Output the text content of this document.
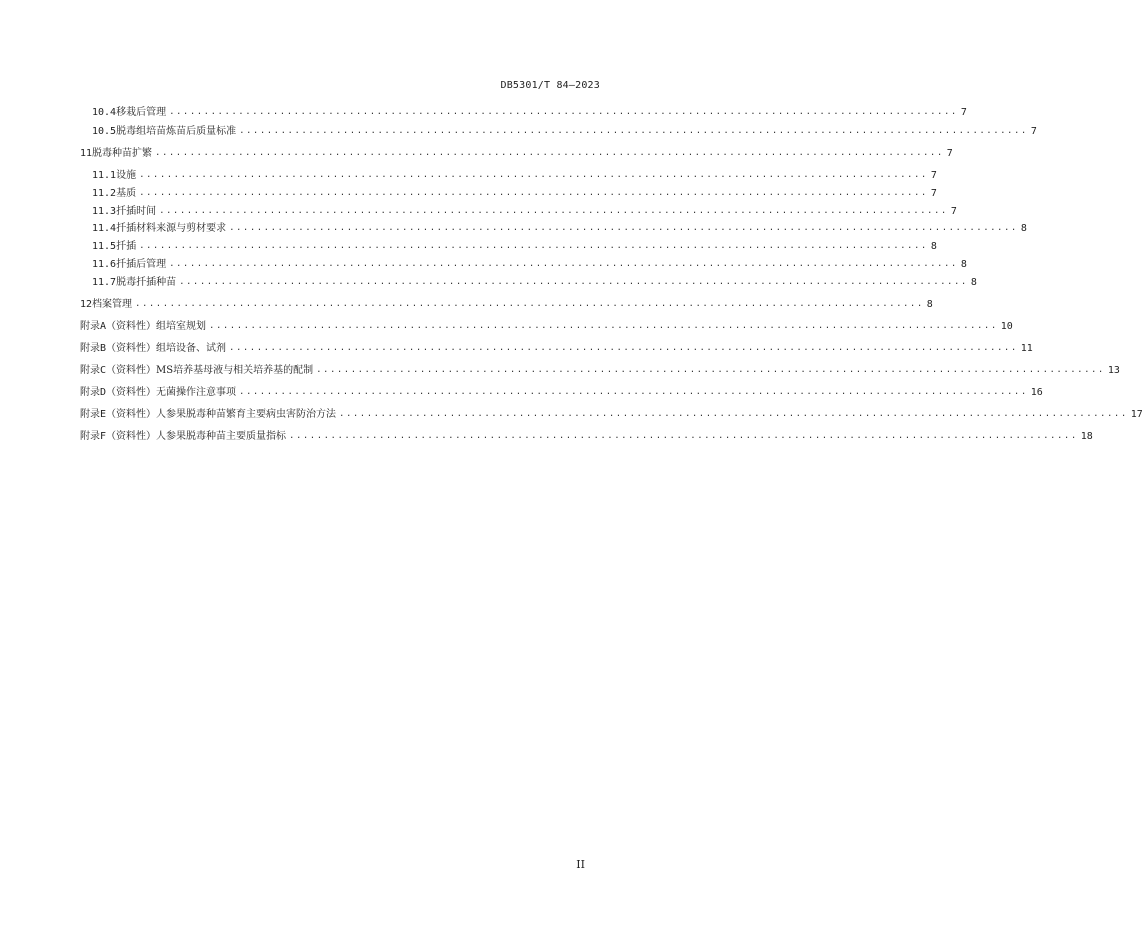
DB5301/T 84—2023
10.4 移栽后管理 .................................................................................................................. 7
10.5 脱毒组培苗炼苗后质量标准 .................................................................................................................. 7
11 脱毒种苗扩繁 .................................................................................................................. 7
11.1 设施 .................................................................................................................. 7
11.2 基质 .................................................................................................................. 7
11.3 扦插时间 .................................................................................................................. 7
11.4 扦插材料来源与剪材要求 .................................................................................................................. 8
11.5 扦插 .................................................................................................................. 8
11.6 扦插后管理 .................................................................................................................. 8
11.7 脱毒扦插种苗 .................................................................................................................. 8
12 档案管理 .................................................................................................................. 8
附录A （资料性） 组培室规划 .................................................................................................................. 10
附录B （资料性） 组培设备、试剂 .................................................................................................................. 11
附录C （资料性） MS培养基母液与相关培养基的配制 .................................................................................................................. 13
附录D （资料性） 无菌操作注意事项 .................................................................................................................. 16
附录E （资料性） 人参果脱毒种苗繁育主要病虫害防治方法 .................................................................................................................. 17
附录F （资料性） 人参果脱毒种苗主要质量指标 .................................................................................................................. 18
II
